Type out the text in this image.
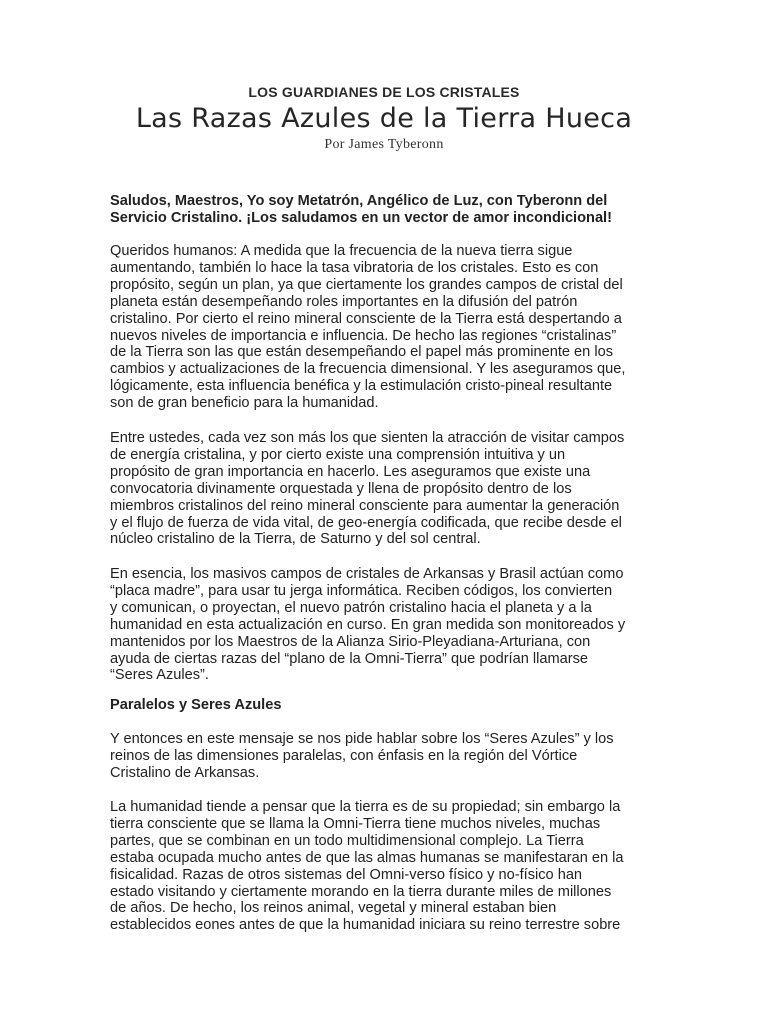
LOS GUARDIANES DE LOS CRISTALES
Las Razas Azules de la Tierra Hueca
Por James Tyberonn

Saludos, Maestros, Yo soy Metatrón, Angélico de Luz, con Tyberonn del
Servicio Cristalino. ¡Los saludamos en un vector de amor incondicional!

Queridos humanos: A medida que la frecuencia de la nueva tierra sigue
aumentando, también lo hace la tasa vibratoria de los cristales. Esto es con
propósito, según un plan, ya que ciertamente los grandes campos de cristal del
planeta están desempeñando roles importantes en la difusión del patrón
cristalino. Por cierto el reino mineral consciente de la Tierra está despertando a
nuevos niveles de importancia e influencia. De hecho las regiones “cristalinas”
de la Tierra son las que están desempeñando el papel más prominente en los
cambios y actualizaciones de la frecuencia dimensional. Y les aseguramos que,
lógicamente, esta influencia benéfica y la estimulación cristo-pineal resultante
son de gran beneficio para la humanidad.

Entre ustedes, cada vez son más los que sienten la atracción de visitar campos
de energía cristalina, y por cierto existe una comprensión intuitiva y un
propósito de gran importancia en hacerlo. Les aseguramos que existe una
convocatoria divinamente orquestada y llena de propósito dentro de los
miembros cristalinos del reino mineral consciente para aumentar la generación
y el flujo de fuerza de vida vital, de geo-energía codificada, que recibe desde el
núcleo cristalino de la Tierra, de Saturno y del sol central.

En esencia, los masivos campos de cristales de Arkansas y Brasil actúan como
“placa madre”, para usar tu jerga informática. Reciben códigos, los convierten
y comunican, o proyectan, el nuevo patrón cristalino hacia el planeta y a la
humanidad en esta actualización en curso. En gran medida son monitoreados y
mantenidos por los Maestros de la Alianza Sirio-Pleyadiana-Arturiana, con
ayuda de ciertas razas del “plano de la Omni-Tierra” que podrían llamarse
“Seres Azules”.

Paralelos y Seres Azules

Y entonces en este mensaje se nos pide hablar sobre los “Seres Azules” y los
reinos de las dimensiones paralelas, con énfasis en la región del Vórtice
Cristalino de Arkansas.

La humanidad tiende a pensar que la tierra es de su propiedad; sin embargo la
tierra consciente que se llama la Omni-Tierra tiene muchos niveles, muchas
partes, que se combinan en un todo multidimensional complejo. La Tierra
estaba ocupada mucho antes de que las almas humanas se manifestaran en la
fisicalidad. Razas de otros sistemas del Omni-verso físico y no-físico han
estado visitando y ciertamente morando en la tierra durante miles de millones
de años. De hecho, los reinos animal, vegetal y mineral estaban bien
establecidos eones antes de que la humanidad iniciara su reino terrestre sobre
